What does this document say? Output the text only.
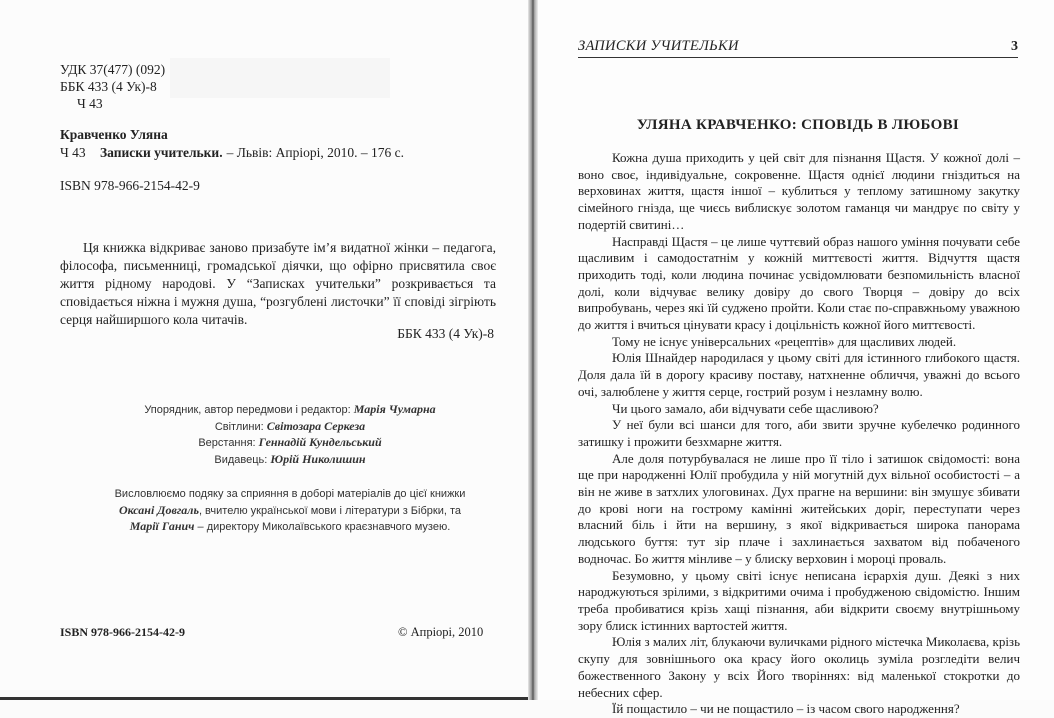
УДК 37(477) (092)
ББК 433 (4 Ук)-8
Ч 43
Кравченко Уляна
Ч 43	Записки учительки. – Львів: Апріорі, 2010. – 176 с.
ISBN 978-966-2154-42-9
Ця книжка відкриває заново призабуте ім’я видатної жінки – педагога, філософа, письменниці, громадської діячки, що офірно присвятила своє життя рідному народові. У “Записках учительки” розкривається та сповідається ніжна і мужня душа, “розгублені листочки” її сповіді зігріють серця найширшого кола читачів.
ББК 433 (4 Ук)-8
Упорядник, автор передмови і редактор: Марія Чумарна
Світлини: Світозара Серкеза
Верстання: Геннадій Кундельський
Видавець: Юрій Николишин
Висловлюємо подяку за сприяння в доборі матеріалів до цієї книжки
Оксані Довгаль, вчителю української мови і літератури з Бібрки, та
Марії Ганич – директору Миколаївського краєзнавчого музею.
ISBN 978-966-2154-42-9	© Апріорі, 2010
ЗАПИСКИ УЧИТЕЛЬКИ	3
УЛЯНА КРАВЧЕНКО: СПОВІДЬ В ЛЮБОВІ

Кожна душа приходить у цей світ для пізнання Щастя. У кожної долі – воно своє, індивідуальне, сокровенне. Щастя однієї людини гніздиться на верховинах життя, щастя іншої – кублиться у теплому затишному закутку сімейного гнізда, ще чиєсь виблискує золотом гаманця чи мандрує по світу у подертій свитині…

Насправді Щастя – це лише чуттєвий образ нашого уміння почувати себе щасливим і самодостатнім у кожній миттєвості життя. Відчуття щастя приходить тоді, коли людина починає усвідомлювати безпомильність власної долі, коли відчуває велику довіру до свого Творця – довіру до всіх випробувань, через які їй суджено пройти. Коли стає по-справжньому уважною до життя і вчиться цінувати красу і доцільність кожної його миттєвості.

Тому не існує універсальних «рецептів» для щасливих людей.

Юлія Шнайдер народилася у цьому світі для істинного глибокого щастя. Доля дала їй в дорогу красиву поставу, натхненне обличчя, уважні до всього очі, залюблене у життя серце, гострий розум і незламну волю.

Чи цього замало, аби відчувати себе щасливою?

У неї були всі шанси для того, аби звити зручне кубелечко родинного затишку і прожити безхмарне життя.

Але доля потурбувалася не лише про її тіло і затишок свідомості: вона ще при народженні Юлії пробудила у ній могутній дух вільної особистості – а він не живе в затхлих улоговинах. Дух прагне на вершини: він змушує збивати до крові ноги на гострому камінні житейських доріг, переступати через власний біль і йти на вершину, з якої відкривається широка панорама людського буття: тут зір плаче і захлинається захватом від побаченого водночас. Бо життя мінливе – у блиску верховин і мороці проваль.

Безумовно, у цьому світі існує неписана ієрархія душ. Деякі з них народжуються зрілими, з відкритими очима і пробудженою свідомістю. Іншим треба пробиватися крізь хащі пізнання, аби відкрити своєму внутрішньому зору блиск істинних вартостей життя.

Юлія з малих літ, блукаючи вуличками рідного містечка Миколаєва, крізь скупу для зовнішнього ока красу його околиць зуміла розгледіти велич божественного Закону у всіх Його творіннях: від маленької стокротки до небесних сфер.

Їй пощастило – чи не пощастило – із часом свого народження?
